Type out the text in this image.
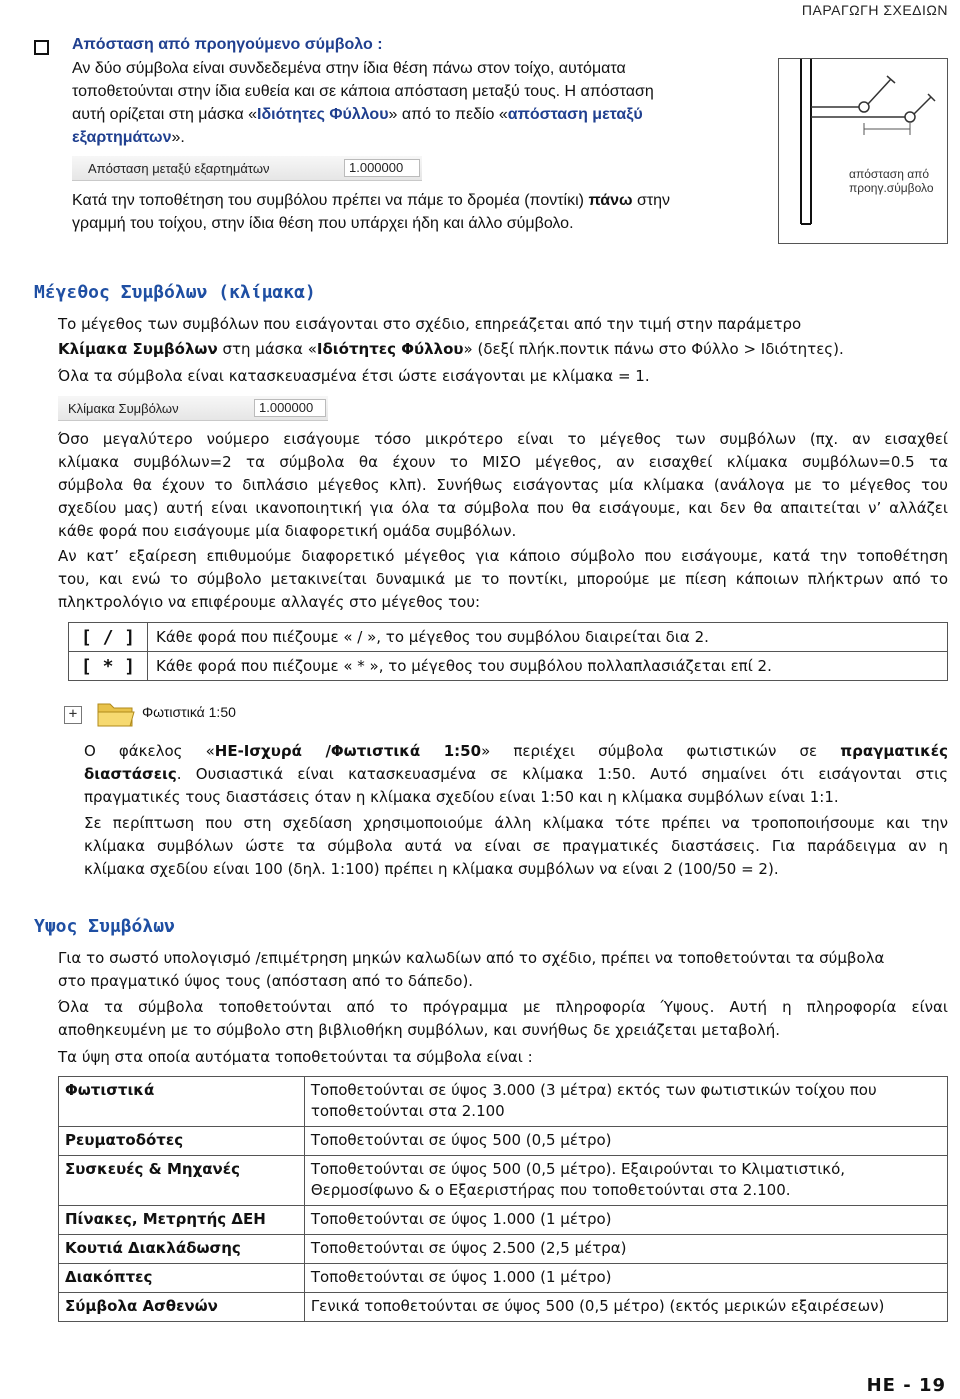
ΠΑΡΑΓΩΓΗ ΣΧΕΔΙΩΝ
Απόσταση από προηγούμενο σύμβολο :
Αν δύο σύμβολα είναι συνδεδεμένα στην ίδια θέση πάνω στον τοίχο, αυτόματα
τοποθετούνται στην ίδια ευθεία και σε κάποια απόσταση μεταξύ τους. Η απόσταση
αυτή ορίζεται στη μάσκα «Ιδιότητες Φύλλου» από το πεδίο «απόσταση μεταξύ
εξαρτημάτων».
Απόσταση μεταξύ εξαρτημάτων	1.000000
Κατά την τοποθέτηση του συμβόλου πρέπει να πάμε το δρομέα (ποντίκι) πάνω στην
γραμμή του τοίχου, στην ίδια θέση που υπάρχει ήδη και άλλο σύμβολο.
απόσταση από
προηγ.σύμβολο
Μέγεθος Συμβόλων (κλίμακα)
Το μέγεθος των συμβόλων που εισάγονται στο σχέδιο, επηρεάζεται από την τιμή στην παράμετρο
Κλίμακα Συμβόλων στη μάσκα «Ιδιότητες Φύλλου» (δεξί πλήκ.ποντικ πάνω στο Φύλλο > Ιδιότητες).
Όλα τα σύμβολα είναι κατασκευασμένα έτσι ώστε εισάγονται με κλίμακα = 1.
Κλίμακα Συμβόλων	1.000000
Όσο μεγαλύτερο νούμερο εισάγουμε τόσο μικρότερο είναι το μέγεθος των συμβόλων (πχ. αν εισαχθεί
κλίμακα συμβόλων=2 τα σύμβολα θα έχουν το ΜΙΣΟ μέγεθος, αν εισαχθεί κλίμακα συμβόλων=0.5 τα
σύμβολα θα έχουν το διπλάσιο μέγεθος κλπ). Συνήθως εισάγοντας μία κλίμακα (ανάλογα με το μέγεθος του
σχεδίου μας) αυτή είναι ικανοποιητική για όλα τα σύμβολα που θα εισάγουμε, και δεν θα απαιτείται ν’ αλλάζει
κάθε φορά που εισάγουμε μία διαφορετική ομάδα συμβόλων.
Αν κατ’ εξαίρεση επιθυμούμε διαφορετικό μέγεθος για κάποιο σύμβολο που εισάγουμε, κατά την τοποθέτηση
του, και ενώ το σύμβολο μετακινείται δυναμικά με το ποντίκι, μπορούμε με πίεση κάποιων πλήκτρων από το
πληκτρολόγιο να επιφέρουμε αλλαγές στο μέγεθος του:
[ / ]	Κάθε φορά που πιέζουμε « / », το μέγεθος του συμβόλου διαιρείται δια 2.
[ * ]	Κάθε φορά που πιέζουμε « * », το μέγεθος του συμβόλου πολλαπλασιάζεται επί 2.
+	Φωτιστικά 1:50
Ο φάκελος «ΗΕ-Ισχυρά /Φωτιστικά 1:50» περιέχει σύμβολα φωτιστικών σε πραγματικές
διαστάσεις. Ουσιαστικά είναι κατασκευασμένα σε κλίμακα 1:50. Αυτό σημαίνει ότι εισάγονται στις
πραγματικές τους διαστάσεις όταν η κλίμακα σχεδίου είναι 1:50 και η κλίμακα συμβόλων είναι 1:1.
Σε περίπτωση που στη σχεδίαση χρησιμοποιούμε άλλη κλίμακα τότε πρέπει να τροποποιήσουμε και την
κλίμακα συμβόλων ώστε τα σύμβολα αυτά να είναι σε πραγματικές διαστάσεις. Για παράδειγμα αν η
κλίμακα σχεδίου είναι 100 (δηλ. 1:100) πρέπει η κλίμακα συμβόλων να είναι 2 (100/50 = 2).
Υψος Συμβόλων
Για το σωστό υπολογισμό /επιμέτρηση μηκών καλωδίων από το σχέδιο, πρέπει να τοποθετούνται τα σύμβολα
στο πραγματικό ύψος τους (απόσταση από το δάπεδο).
Όλα τα σύμβολα τοποθετούνται από το πρόγραμμα με πληροφορία Ύψους. Αυτή η πληροφορία είναι
αποθηκευμένη με το σύμβολο στη βιβλιοθήκη συμβόλων, και συνήθως δε χρειάζεται μεταβολή.
Τα ύψη στα οποία αυτόματα τοποθετούνται τα σύμβολα είναι :
Φωτιστικά	Τοποθετούνται σε ύψος 3.000 (3 μέτρα) εκτός των φωτιστικών τοίχου που
τοποθετούνται στα 2.100

Ρευματοδότες	Τοποθετούνται σε ύψος 500 (0,5 μέτρο)
Συσκευές & Μηχανές	Τοποθετούνται σε ύψος 500 (0,5 μέτρο). Εξαιρούνται το Κλιματιστικό,
Θερμοσίφωνο & ο Εξαεριστήρας που τοποθετούνται στα 2.100.

Πίνακες, Μετρητής ΔΕΗ	Τοποθετούνται σε ύψος 1.000 (1 μέτρο)
Κουτιά Διακλάδωσης	Τοποθετούνται σε ύψος 2.500 (2,5 μέτρα)
Διακόπτες	Τοποθετούνται σε ύψος 1.000 (1 μέτρο)
Σύμβολα Ασθενών	Γενικά τοποθετούνται σε ύψος 500 (0,5 μέτρο) (εκτός μερικών εξαιρέσεων)
ΗΕ - 19
